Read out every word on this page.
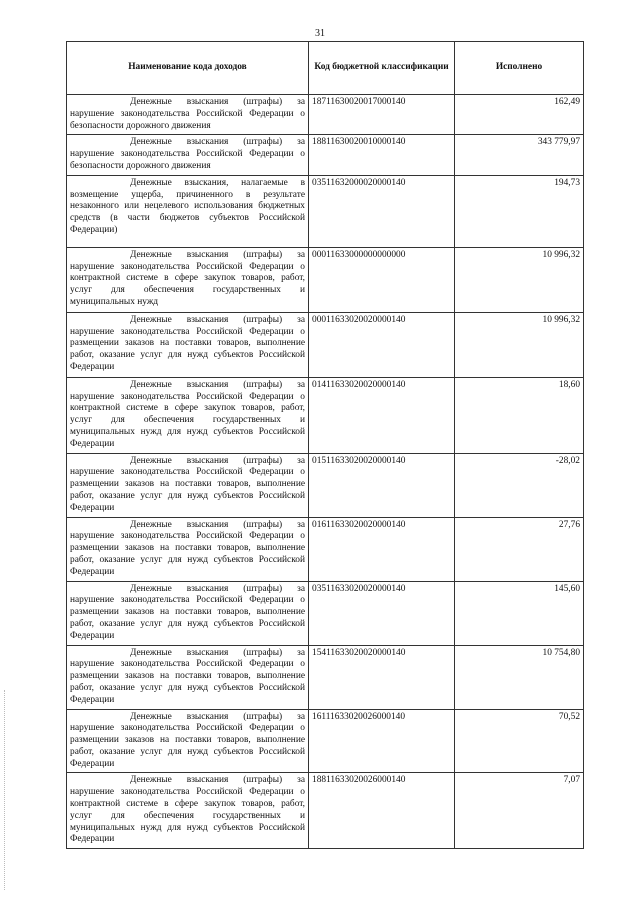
31
Наименование кода доходов	Код бюджетной классификации	Исполнено
Денежные взыскания (штрафы) за нарушение законодательства Российской Федерации о безопасности дорожного движения	18711630020017000140	162,49
Денежные взыскания (штрафы) за нарушение законодательства Российской Федерации о безопасности дорожного движения	18811630020010000140	343 779,97
Денежные взыскания, налагаемые в возмещение ущерба, причиненного в результате незаконного или нецелевого использования бюджетных средств (в части бюджетов субъектов Российской Федерации)	03511632000020000140	194,73
Денежные взыскания (штрафы) за нарушение законодательства Российской Федерации о контрактной системе в сфере закупок товаров, работ, услуг для обеспечения государственных и муниципальных нужд	00011633000000000000	10 996,32
Денежные взыскания (штрафы) за нарушение законодательства Российской Федерации о размещении заказов на поставки товаров, выполнение работ, оказание услуг для нужд субъектов Российской Федерации	00011633020020000140	10 996,32
Денежные взыскания (штрафы) за нарушение законодательства Российской Федерации о контрактной системе в сфере закупок товаров, работ, услуг для обеспечения государственных и муниципальных нужд для нужд субъектов Российской Федерации	01411633020020000140	18,60
Денежные взыскания (штрафы) за нарушение законодательства Российской Федерации о размещении заказов на поставки товаров, выполнение работ, оказание услуг для нужд субъектов Российской Федерации	01511633020020000140	-28,02
Денежные взыскания (штрафы) за нарушение законодательства Российской Федерации о размещении заказов на поставки товаров, выполнение работ, оказание услуг для нужд субъектов Российской Федерации	01611633020020000140	27,76
Денежные взыскания (штрафы) за нарушение законодательства Российской Федерации о размещении заказов на поставки товаров, выполнение работ, оказание услуг для нужд субъектов Российской Федерации	03511633020020000140	145,60
Денежные взыскания (штрафы) за нарушение законодательства Российской Федерации о размещении заказов на поставки товаров, выполнение работ, оказание услуг для нужд субъектов Российской Федерации	15411633020020000140	10 754,80
Денежные взыскания (штрафы) за нарушение законодательства Российской Федерации о размещении заказов на поставки товаров, выполнение работ, оказание услуг для нужд субъектов Российской Федерации	16111633020026000140	70,52
Денежные взыскания (штрафы) за нарушение законодательства Российской Федерации о контрактной системе в сфере закупок товаров, работ, услуг для обеспечения государственных и муниципальных нужд для нужд субъектов Российской Федерации	18811633020026000140	7,07
